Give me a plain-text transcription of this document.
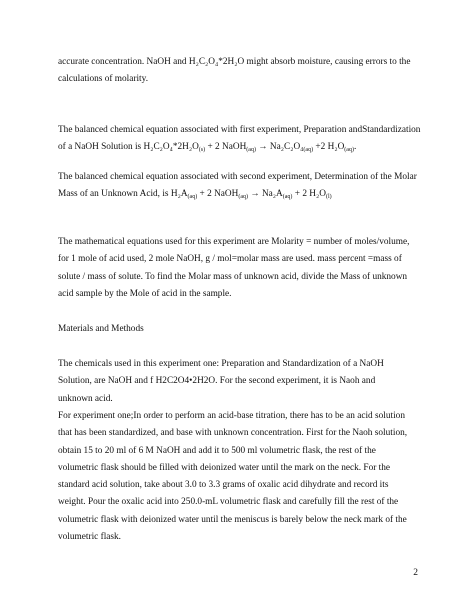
accurate concentration. NaOH and H₂C₂O₄*2H₂O might absorb moisture, causing errors to the
calculations of molarity.
The balanced chemical equation associated with first experiment, Preparation andStandardization
of a NaOH Solution is $H_2C_2O_4*2H_2O_{(s)} + 2$ NaOH$_{(aq)}$ → $Na_2C_2O_4_{(aq)} +2$ $H_2O_{(aq)}$.
The balanced chemical equation associated with second experiment, Determination of the Molar
Mass of an Unknown Acid, is $H_2A_{(aq)} + 2$ NaOH$_{(aq)}$ → $Na_2A_{(aq)} + 2$ $H_2O_{(l)}$
The mathematical equations used for this experiment are Molarity = number of moles/volume,
for 1 mole of acid used, 2 mole NaOH, g / mol=molar mass are used. mass percent =mass of
solute / mass of solute. To find the Molar mass of unknown acid, divide the Mass of unknown
acid sample by the Mole of acid in the sample.
Materials and Methods
The chemicals used in this experiment one: Preparation and Standardization of a NaOH
Solution, are NaOH and f H2C2O4•2H2O. For the second experiment, it is Naoh and
unknown acid.
For experiment one;In order to perform an acid-base titration, there has to be an acid solution
that has been standardized, and base with unknown concentration. First for the Naoh solution,
obtain 15 to 20 ml of 6 M NaOH and add it to 500 ml volumetric flask, the rest of the
volumetric flask should be filled with deionized water until the mark on the neck. For the
standard acid solution, take about 3.0 to 3.3 grams of oxalic acid dihydrate and record its
weight. Pour the oxalic acid into 250.0-mL volumetric flask and carefully fill the rest of the
volumetric flask with deionized water until the meniscus is barely below the neck mark of the
volumetric flask.
2
